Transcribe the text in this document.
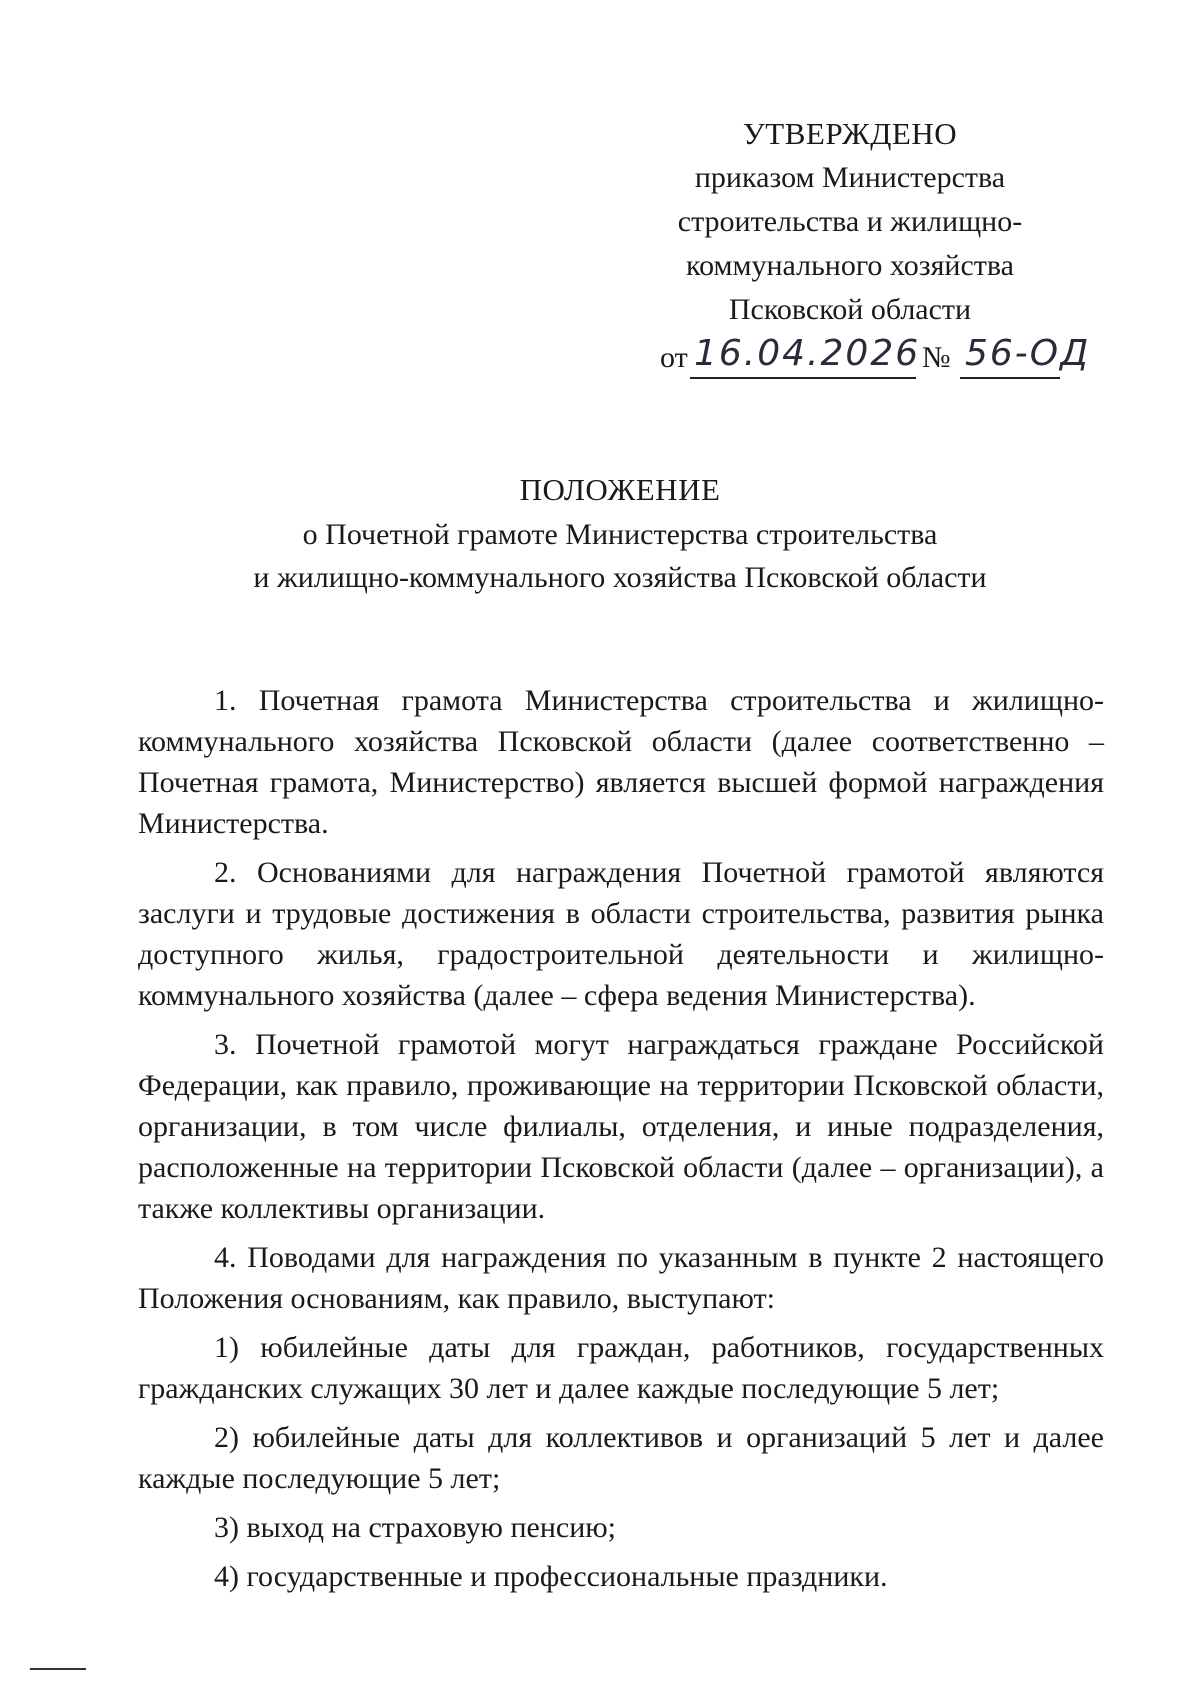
УТВЕРЖДЕНО
приказом Министерства
строительства и жилищно-
коммунального хозяйства
Псковской области
от 16.04.2026 № 56-ОД
ПОЛОЖЕНИЕ
о Почетной грамоте Министерства строительства
и жилищно-коммунального хозяйства Псковской области

1. Почетная грамота Министерства строительства и жилищно-коммунального хозяйства Псковской области (далее соответственно – Почетная грамота, Министерство) является высшей формой награждения Министерства.

2. Основаниями для награждения Почетной грамотой являются заслуги и трудовые достижения в области строительства, развития рынка доступного жилья, градостроительной деятельности и жилищно-коммунального хозяйства (далее – сфера ведения Министерства).

3. Почетной грамотой могут награждаться граждане Российской Федерации, как правило, проживающие на территории Псковской области, организации, в том числе филиалы, отделения, и иные подразделения, расположенные на территории Псковской области (далее – организации), а также коллективы организации.

4. Поводами для награждения по указанным в пункте 2 настоящего Положения основаниям, как правило, выступают:

1) юбилейные даты для граждан, работников, государственных гражданских служащих 30 лет и далее каждые последующие 5 лет;

2) юбилейные даты для коллективов и организаций 5 лет и далее каждые последующие 5 лет;

3) выход на страховую пенсию;

4) государственные и профессиональные праздники.
